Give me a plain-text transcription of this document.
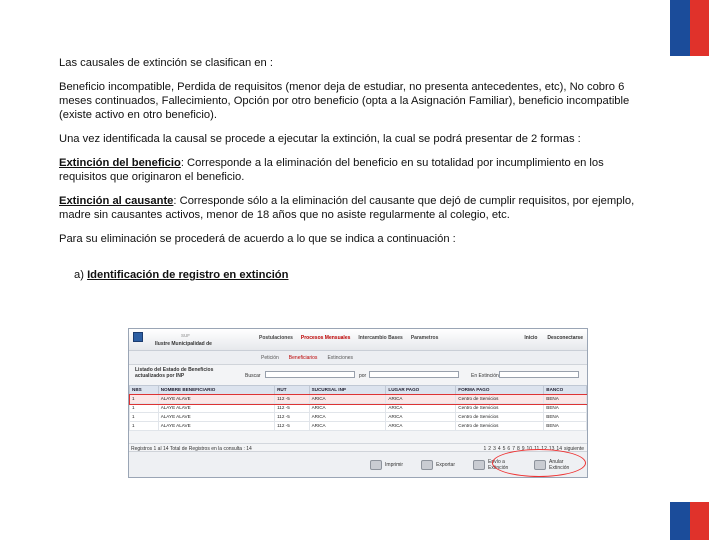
Las causales de extinción se clasifican en :

Beneficio incompatible, Perdida de requisitos (menor deja de estudiar, no presenta antecedentes, etc), No cobro 6 meses continuados, Fallecimiento, Opción por otro beneficio (opta a la Asignación Familiar), beneficio incompatible (existe activo en otro beneficio).

Una vez identificada la causal se procede a ejecutar la extinción, la cual se podrá presentar de 2 formas :

Extinción del beneficio: Corresponde a la eliminación del beneficio en su totalidad por incumplimiento en los requisitos que originaron el beneficio.

Extinción al causante: Corresponde sólo a la eliminación del causante que dejó de cumplir requisitos, por ejemplo, madre sin causantes activos, menor de 18 años que no asiste regularmente al colegio, etc.

Para su eliminación se procederá de acuerdo a lo que se indica a continuación :

a) Identificación de registro en extinción

SUF
Ilustre Municipalidad de
Postulaciones Procesos Mensuales Intercambio Bases Parametros	Inicio Desconectarse
Petición Beneficiarios Extinciones
Listado del Estado de Beneficios actualizados por INP	Buscar	por	En Extinción
NBS	NOMBRE BENEFICIARIO	RUT	SUCURSAL INP	LUGAR PAGO	FORMA PAGO	BANCO
1	ALAYE ALAVE	112 -5	ARICA	ARICA	Centro de Servicios	BENA
1	ALAYE ALAVE	112 -5	ARICA	ARICA	Centro de Servicios	BENA
1	ALAYE ALAVE	112 -5	ARICA	ARICA	Centro de Servicios	BENA
1	ALAYE ALAVE	112 -5	ARICA	ARICA	Centro de Servicios	BENA
Registros 1 al 14 Total de Registros en la consulta : 14	1 2 3 4 5 6 7 8 9 10 11 12 13 14 siguiente
Imprimir	Exportar	Envío a Extinción
Anular Extinción
